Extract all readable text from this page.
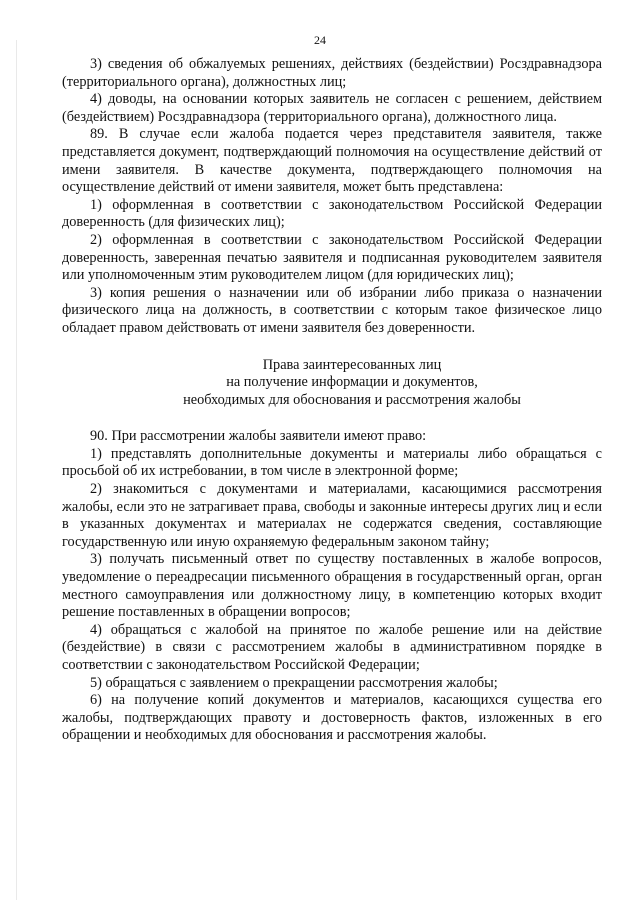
24

3) сведения об обжалуемых решениях, действиях (бездействии) Росздравнадзора (территориального органа), должностных лиц;

4) доводы, на основании которых заявитель не согласен с решением, действием (бездействием) Росздравнадзора (территориального органа), должностного лица.

89. В случае если жалоба подается через представителя заявителя, также представляется документ, подтверждающий полномочия на осуществление действий от имени заявителя. В качестве документа, подтверждающего полномочия на осуществление действий от имени заявителя, может быть представлена:

1) оформленная в соответствии с законодательством Российской Федерации доверенность (для физических лиц);

2) оформленная в соответствии с законодательством Российской Федерации доверенность, заверенная печатью заявителя и подписанная руководителем заявителя или уполномоченным этим руководителем лицом (для юридических лиц);

3) копия решения о назначении или об избрании либо приказа о назначении физического лица на должность, в соответствии с которым такое физическое лицо обладает правом действовать от имени заявителя без доверенности.

Права заинтересованных лиц
на получение информации и документов,
необходимых для обоснования и рассмотрения жалобы

90. При рассмотрении жалобы заявители имеют право:

1) представлять дополнительные документы и материалы либо обращаться с просьбой об их истребовании, в том числе в электронной форме;

2) знакомиться с документами и материалами, касающимися рассмотрения жалобы, если это не затрагивает права, свободы и законные интересы других лиц и если в указанных документах и материалах не содержатся сведения, составляющие государственную или иную охраняемую федеральным законом тайну;

3) получать письменный ответ по существу поставленных в жалобе вопросов, уведомление о переадресации письменного обращения в государственный орган, орган местного самоуправления или должностному лицу, в компетенцию которых входит решение поставленных в обращении вопросов;

4) обращаться с жалобой на принятое по жалобе решение или на действие (бездействие) в связи с рассмотрением жалобы в административном порядке в соответствии с законодательством Российской Федерации;

5) обращаться с заявлением о прекращении рассмотрения жалобы;

6) на получение копий документов и материалов, касающихся существа его жалобы, подтверждающих правоту и достоверность фактов, изложенных в его обращении и необходимых для обоснования и рассмотрения жалобы.
